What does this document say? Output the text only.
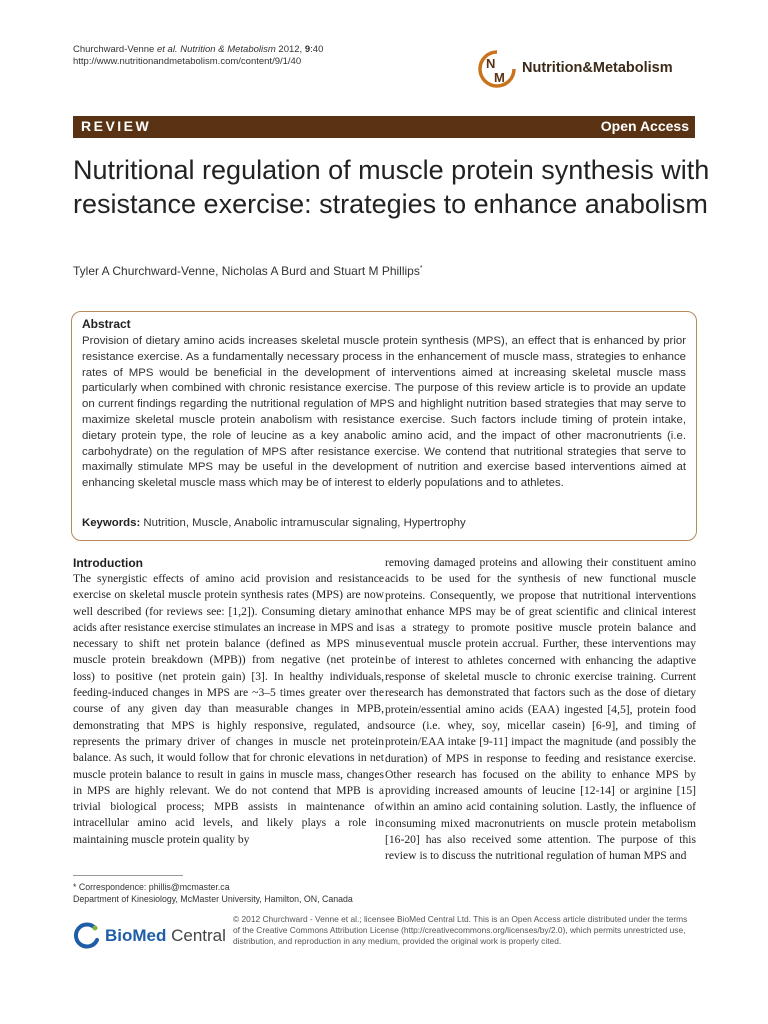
Churchward-Venne et al. Nutrition & Metabolism 2012, 9:40
http://www.nutritionandmetabolism.com/content/9/1/40	N
M
Nutrition&Metabolism
REVIEW	Open Access
Nutritional regulation of muscle protein synthesis with resistance exercise: strategies to enhance anabolism
Tyler A Churchward-Venne, Nicholas A Burd and Stuart M Phillips*
Abstract
Provision of dietary amino acids increases skeletal muscle protein synthesis (MPS), an effect that is enhanced by prior resistance exercise. As a fundamentally necessary process in the enhancement of muscle mass, strategies to enhance rates of MPS would be beneficial in the development of interventions aimed at increasing skeletal muscle mass particularly when combined with chronic resistance exercise. The purpose of this review article is to provide an update on current findings regarding the nutritional regulation of MPS and highlight nutrition based strategies that may serve to maximize skeletal muscle protein anabolism with resistance exercise. Such factors include timing of protein intake, dietary protein type, the role of leucine as a key anabolic amino acid, and the impact of other macronutrients (i.e. carbohydrate) on the regulation of MPS after resistance exercise. We contend that nutritional strategies that serve to maximally stimulate MPS may be useful in the development of nutrition and exercise based interventions aimed at enhancing skeletal muscle mass which may be of interest to elderly populations and to athletes.
Keywords: Nutrition, Muscle, Anabolic intramuscular signaling, Hypertrophy
Introduction
The synergistic effects of amino acid provision and resistance exercise on skeletal muscle protein synthesis rates (MPS) are now well described (for reviews see: [1,2]). Consuming dietary amino acids after resistance exercise stimulates an increase in MPS and is necessary to shift net protein balance (defined as MPS minus muscle protein breakdown (MPB)) from negative (net protein loss) to positive (net protein gain) [3]. In healthy individuals, feeding-induced changes in MPS are ~3–5 times greater over the course of any given day than measurable changes in MPB, demonstrating that MPS is highly responsive, regulated, and represents the primary driver of changes in muscle net protein balance. As such, it would follow that for chronic elevations in net muscle protein balance to result in gains in muscle mass, changes in MPS are highly relevant. We do not contend that MPB is a trivial biological process; MPB assists in maintenance of intracellular amino acid levels, and likely plays a role in maintaining muscle protein quality by
removing damaged proteins and allowing their constituent amino acids to be used for the synthesis of new functional muscle proteins. Consequently, we propose that nutritional interventions that enhance MPS may be of great scientific and clinical interest as a strategy to promote positive muscle protein balance and eventual muscle protein accrual. Further, these interventions may be of interest to athletes concerned with enhancing the adaptive response of skeletal muscle to chronic exercise training. Current research has demonstrated that factors such as the dose of dietary protein/essential amino acids (EAA) ingested [4,5], protein food source (i.e. whey, soy, micellar casein) [6-9], and timing of protein/EAA intake [9-11] impact the magnitude (and possibly the duration) of MPS in response to feeding and resistance exercise. Other research has focused on the ability to enhance MPS by providing increased amounts of leucine [12-14] or arginine [15] within an amino acid containing solution. Lastly, the influence of consuming mixed macronutrients on muscle protein metabolism [16-20] has also received some attention. The purpose of this review is to discuss the nutritional regulation of human MPS and
* Correspondence: phillis@mcmaster.ca
Department of Kinesiology, McMaster University, Hamilton, ON, Canada
BioMed Central
© 2012 Churchward - Venne et al.; licensee BioMed Central Ltd. This is an Open Access article distributed under the terms of the Creative Commons Attribution License (http://creativecommons.org/licenses/by/2.0), which permits unrestricted use, distribution, and reproduction in any medium, provided the original work is properly cited.
